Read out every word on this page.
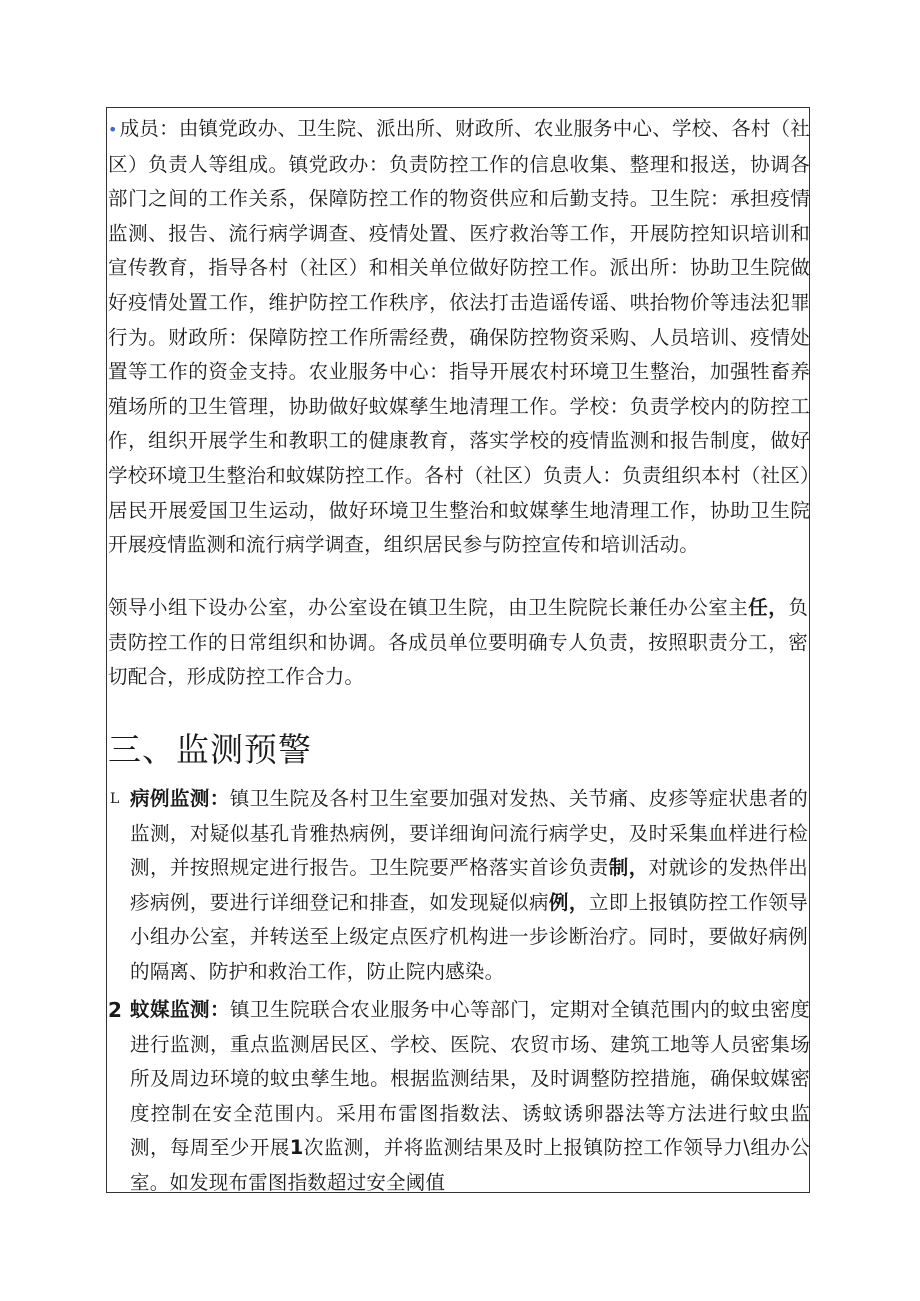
• 成员：由镇党政办、卫生院、派出所、财政所、农业服务中心、学校、各村（社区）负责人等组成。镇党政办：负责防控工作的信息收集、整理和报送，协调各部门之间的工作关系，保障防控工作的物资供应和后勤支持。卫生院：承担疫情监测、报告、流行病学调查、疫情处置、医疗救治等工作，开展防控知识培训和宣传教育，指导各村（社区）和相关单位做好防控工作。派出所：协助卫生院做好疫情处置工作，维护防控工作秩序，依法打击造谣传谣、哄抬物价等违法犯罪行为。财政所：保障防控工作所需经费，确保防控物资采购、人员培训、疫情处置等工作的资金支持。农业服务中心：指导开展农村环境卫生整治，加强牲畜养殖场所的卫生管理，协助做好蚊媒孳生地清理工作。学校：负责学校内的防控工作，组织开展学生和教职工的健康教育，落实学校的疫情监测和报告制度，做好学校环境卫生整治和蚊媒防控工作。各村（社区）负责人：负责组织本村（社区）居民开展爱国卫生运动，做好环境卫生整治和蚊媒孳生地清理工作，协助卫生院开展疫情监测和流行病学调查，组织居民参与防控宣传和培训活动。

领导小组下设办公室，办公室设在镇卫生院，由卫生院院长兼任办公室主任，负责防控工作的日常组织和协调。各成员单位要明确专人负责，按照职责分工，密切配合，形成防控工作合力。

三、监测预警

L 病例监测：镇卫生院及各村卫生室要加强对发热、关节痛、皮疹等症状患者的监测，对疑似基孔肯雅热病例，要详细询问流行病学史，及时采集血样进行检测，并按照规定进行报告。卫生院要严格落实首诊负责制，对就诊的发热伴出疹病例，要进行详细登记和排查，如发现疑似病例，立即上报镇防控工作领导小组办公室，并转送至上级定点医疗机构进一步诊断治疗。同时，要做好病例的隔离、防护和救治工作，防止院内感染。

2 蚊媒监测：镇卫生院联合农业服务中心等部门，定期对全镇范围内的蚊虫密度进行监测，重点监测居民区、学校、医院、农贸市场、建筑工地等人员密集场所及周边环境的蚊虫孳生地。根据监测结果，及时调整防控措施，确保蚊媒密度控制在安全范围内。采用布雷图指数法、诱蚊诱卵器法等方法进行蚊虫监测，每周至少开展1次监测，并将监测结果及时上报镇防控工作领导力\组办公室。如发现布雷图指数超过安全阈值
